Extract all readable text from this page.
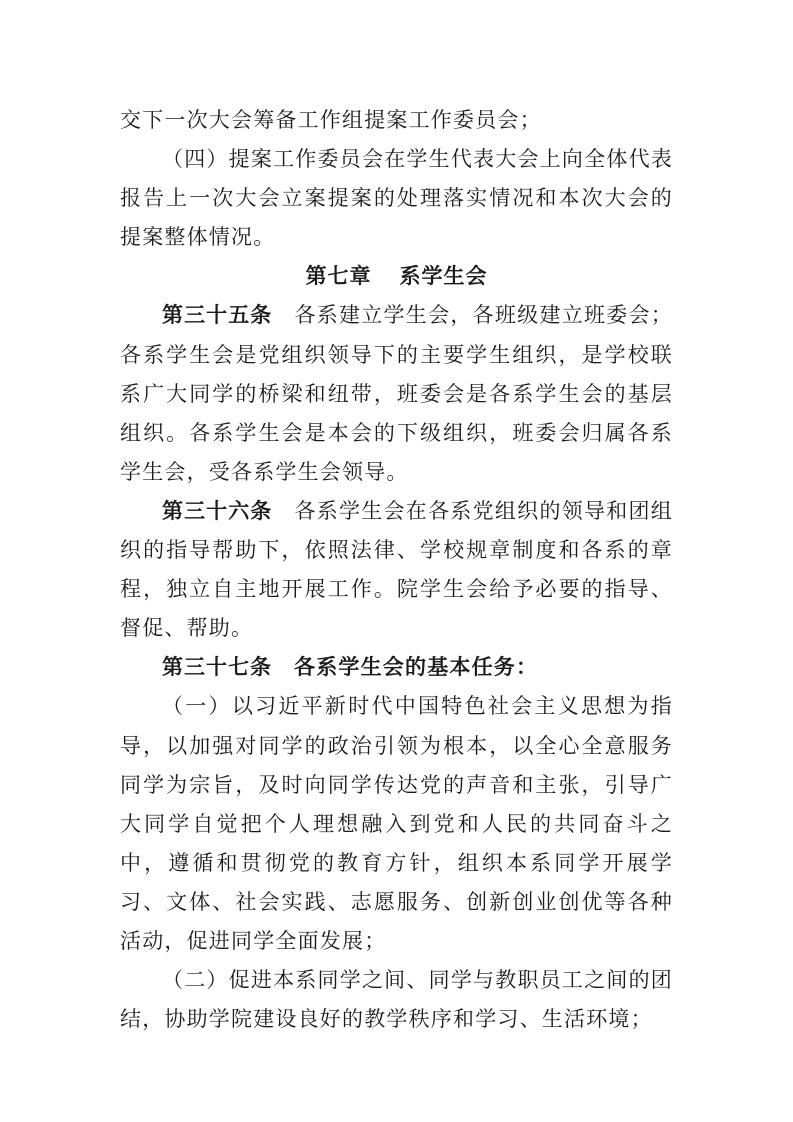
交下一次大会筹备工作组提案工作委员会；

（四）提案工作委员会在学生代表大会上向全体代表报告上一次大会立案提案的处理落实情况和本次大会的提案整体情况。

第七章 系学生会

第三十五条 各系建立学生会，各班级建立班委会；各系学生会是党组织领导下的主要学生组织，是学校联系广大同学的桥梁和纽带，班委会是各系学生会的基层组织。各系学生会是本会的下级组织，班委会归属各系学生会，受各系学生会领导。

第三十六条 各系学生会在各系党组织的领导和团组织的指导帮助下，依照法律、学校规章制度和各系的章程，独立自主地开展工作。院学生会给予必要的指导、督促、帮助。

第三十七条 各系学生会的基本任务：

（一）以习近平新时代中国特色社会主义思想为指导，以加强对同学的政治引领为根本，以全心全意服务同学为宗旨，及时向同学传达党的声音和主张，引导广大同学自觉把个人理想融入到党和人民的共同奋斗之中，遵循和贯彻党的教育方针，组织本系同学开展学习、文体、社会实践、志愿服务、创新创业创优等各种活动，促进同学全面发展；

（二）促进本系同学之间、同学与教职员工之间的团结，协助学院建设良好的教学秩序和学习、生活环境；
